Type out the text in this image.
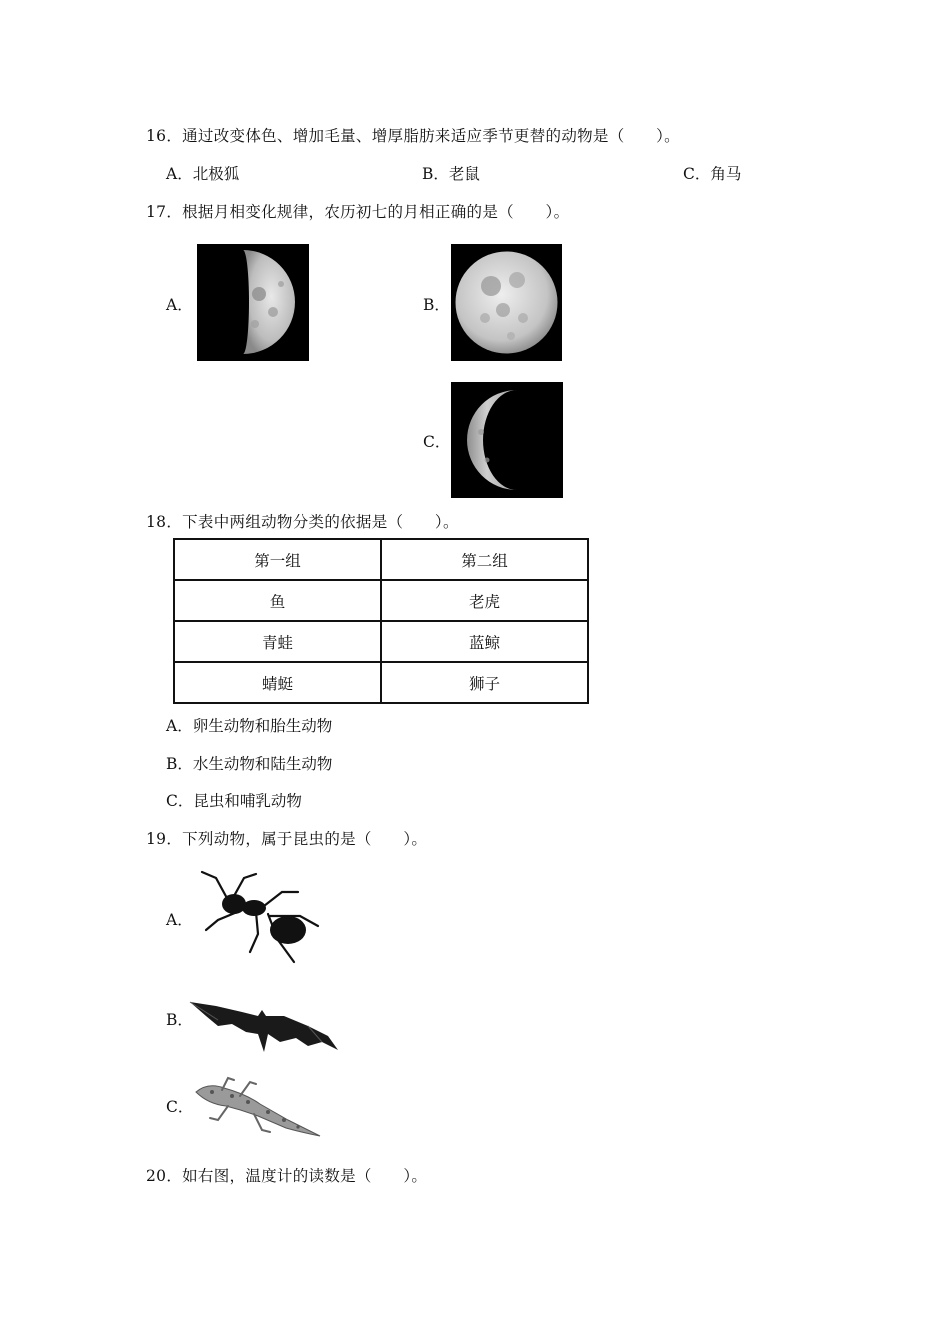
16．通过改变体色、增加毛量、增厚脂肪来适应季节更替的动物是（　　）。
A．北极狐	B．老鼠	C．角马
17．根据月相变化规律，农历初七的月相正确的是（　　）。
A．	B．
C．
18．下表中两组动物分类的依据是（　　）。
第一组	第二组
鱼	老虎
青蛙	蓝鲸
蜻蜓	狮子
A．卵生动物和胎生动物
B．水生动物和陆生动物
C．昆虫和哺乳动物
19．下列动物，属于昆虫的是（　　）。
A．
B．
C．
20．如右图，温度计的读数是（　　）。
